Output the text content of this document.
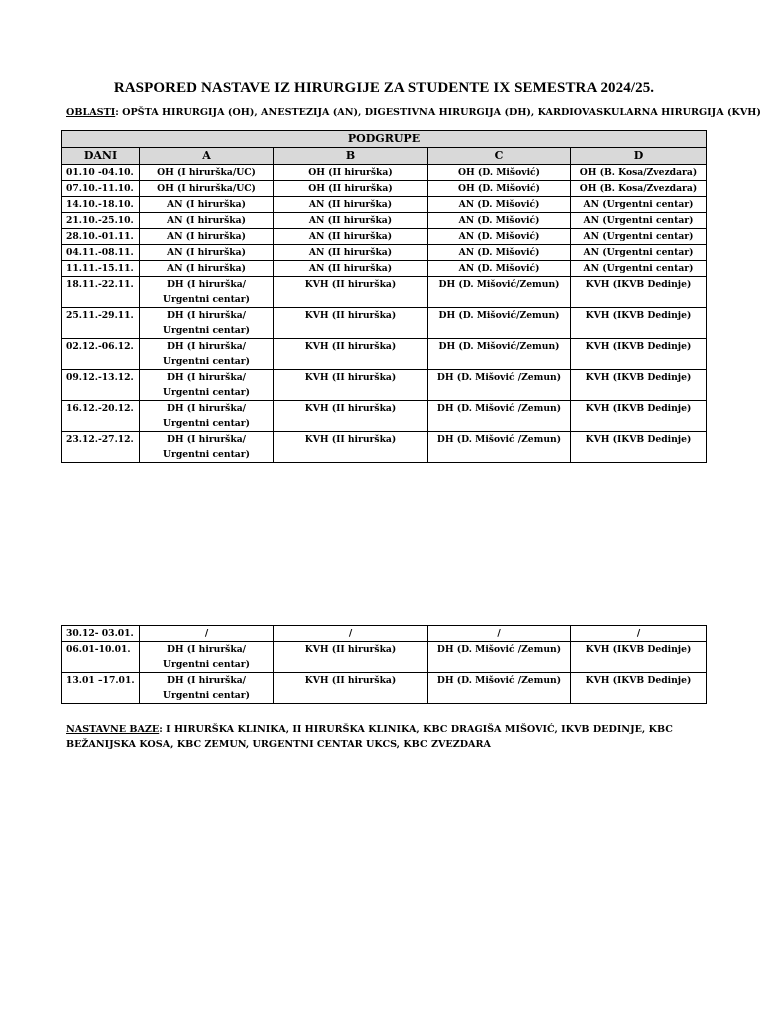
RASPORED NASTAVE IZ HIRURGIJE ZA STUDENTE IX SEMESTRA 2024/25.
OBLASTI: OPŠTA HIRURGIJA (OH), ANESTEZIJA (AN), DIGESTIVNA HIRURGIJA (DH), KARDIOVASKULARNA HIRURGIJA (KVH)
PODGRUPE				
DANI	A	B	C	D
01.10 -04.10.	OH (I hirurška/UC)	OH (II hirurška)	OH (D. Mišović)	OH (B. Kosa/Zvezdara)
07.10.-11.10.	OH (I hirurška/UC)	OH (II hirurška)	OH (D. Mišović)	OH (B. Kosa/Zvezdara)
14.10.-18.10.	AN (I hirurška)	AN (II hirurška)	AN (D. Mišović)	AN (Urgentni centar)
21.10.-25.10.	AN (I hirurška)	AN (II hirurška)	AN (D. Mišović)	AN (Urgentni centar)
28.10.-01.11.	AN (I hirurška)	AN (II hirurška)	AN (D. Mišović)	AN (Urgentni centar)
04.11.-08.11.	AN (I hirurška)	AN (II hirurška)	AN (D. Mišović)	AN (Urgentni centar)
11.11.-15.11.	AN (I hirurška)	AN (II hirurška)	AN (D. Mišović)	AN (Urgentni centar)
18.11.-22.11.	DH (I hirurška/
Urgentni centar)	KVH (II hirurška)	DH (D. Mišović/Zemun)	KVH (IKVB Dedinje)
25.11.-29.11.	DH (I hirurška/
Urgentni centar)	KVH (II hirurška)	DH (D. Mišović/Zemun)	KVH (IKVB Dedinje)
02.12.-06.12.	DH (I hirurška/
Urgentni centar)	KVH (II hirurška)	DH (D. Mišović/Zemun)	KVH (IKVB Dedinje)
09.12.-13.12.	DH (I hirurška/
Urgentni centar)	KVH (II hirurška)	DH (D. Mišović /Zemun)	KVH (IKVB Dedinje)
16.12.-20.12.	DH (I hirurška/
Urgentni centar)	KVH (II hirurška)	DH (D. Mišović /Zemun)	KVH (IKVB Dedinje)
23.12.-27.12.	DH (I hirurška/
Urgentni centar)	KVH (II hirurška)	DH (D. Mišović /Zemun)	KVH (IKVB Dedinje)
30.12- 03.01.	/	/	/	/
06.01-10.01.	DH (I hirurška/
Urgentni centar)	KVH (II hirurška)	DH (D. Mišović /Zemun)	KVH (IKVB Dedinje)
13.01 –17.01.	DH (I hirurška/
Urgentni centar)	KVH (II hirurška)	DH (D. Mišović /Zemun)	KVH (IKVB Dedinje)
NASTAVNE BAZE: I HIRURŠKA KLINIKA, II HIRURŠKA KLINIKA, KBC DRAGIŠA MIŠOVIĆ, IKVB DEDINJE, KBC BEŽANIJSKA KOSA, KBC ZEMUN, URGENTNI CENTAR UKCS, KBC ZVEZDARA
